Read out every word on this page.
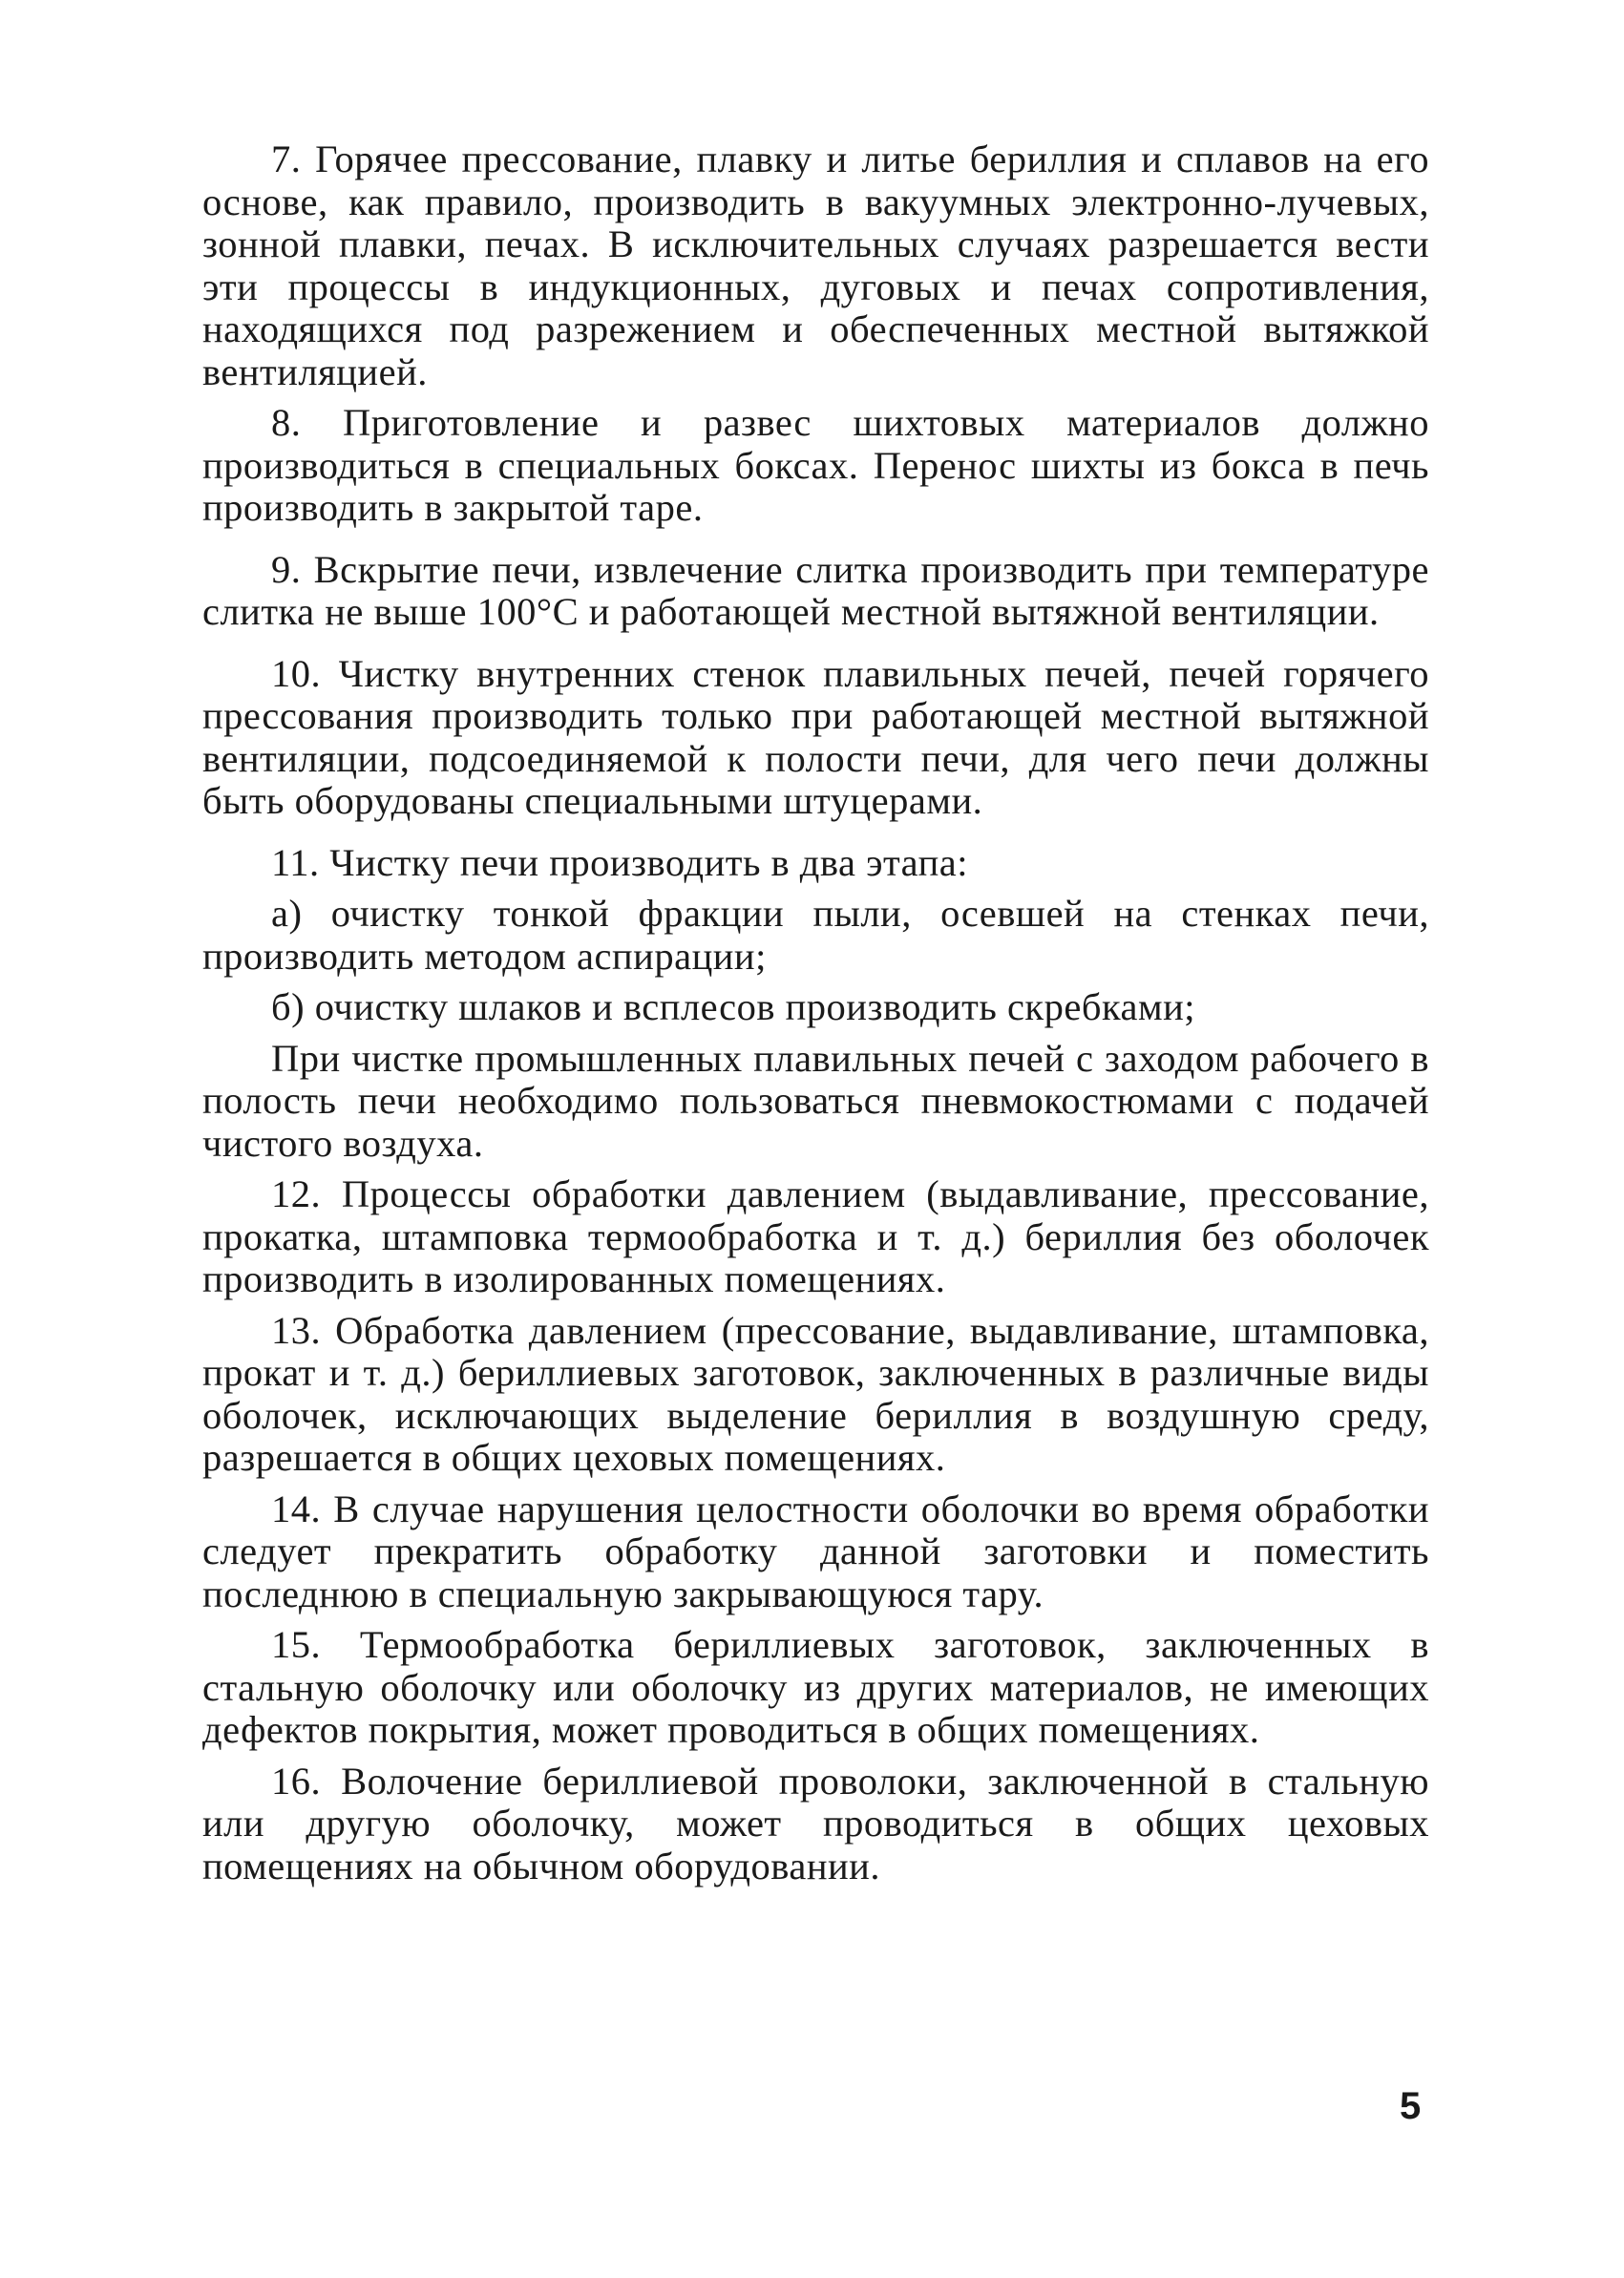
7. Горячее прессование, плавку и литье бериллия и сплавов на его основе, как правило, производить в вакуумных электронно-лучевых, зонной плавки, печах. В исключительных случаях разрешается вести эти процессы в индукционных, дуговых и печах сопротивления, находящихся под разрежением и обеспеченных местной вытяжкой вентиляцией.

8. Приготовление и развес шихтовых материалов должно производиться в специальных боксах. Перенос шихты из бокса в печь производить в закрытой таре.

9. Вскрытие печи, извлечение слитка производить при температуре слитка не выше 100°С и работающей местной вытяжной вентиляции.

10. Чистку внутренних стенок плавильных печей, печей горячего прессования производить только при работающей местной вытяжной вентиляции, подсоединяемой к полости печи, для чего печи должны быть оборудованы специальными штуцерами.

11. Чистку печи производить в два этапа:

а) очистку тонкой фракции пыли, осевшей на стенках печи, производить методом аспирации;

б) очистку шлаков и всплесов производить скребками;

При чистке промышленных плавильных печей с заходом рабочего в полость печи необходимо пользоваться пневмокостюмами с подачей чистого воздуха.

12. Процессы обработки давлением (выдавливание, прессование, прокатка, штамповка термообработка и т. д.) бериллия без оболочек производить в изолированных помещениях.

13. Обработка давлением (прессование, выдавливание, штамповка, прокат и т. д.) бериллиевых заготовок, заключенных в различные виды оболочек, исключающих выделение бериллия в воздушную среду, разрешается в общих цеховых помещениях.

14. В случае нарушения целостности оболочки во время обработки следует прекратить обработку данной заготовки и поместить последнюю в специальную закрывающуюся тару.

15. Термообработка бериллиевых заготовок, заключенных в стальную оболочку или оболочку из других материалов, не имеющих дефектов покрытия, может проводиться в общих помещениях.

16. Волочение бериллиевой проволоки, заключенной в стальную или другую оболочку, может проводиться в общих цеховых помещениях на обычном оборудовании.

5
